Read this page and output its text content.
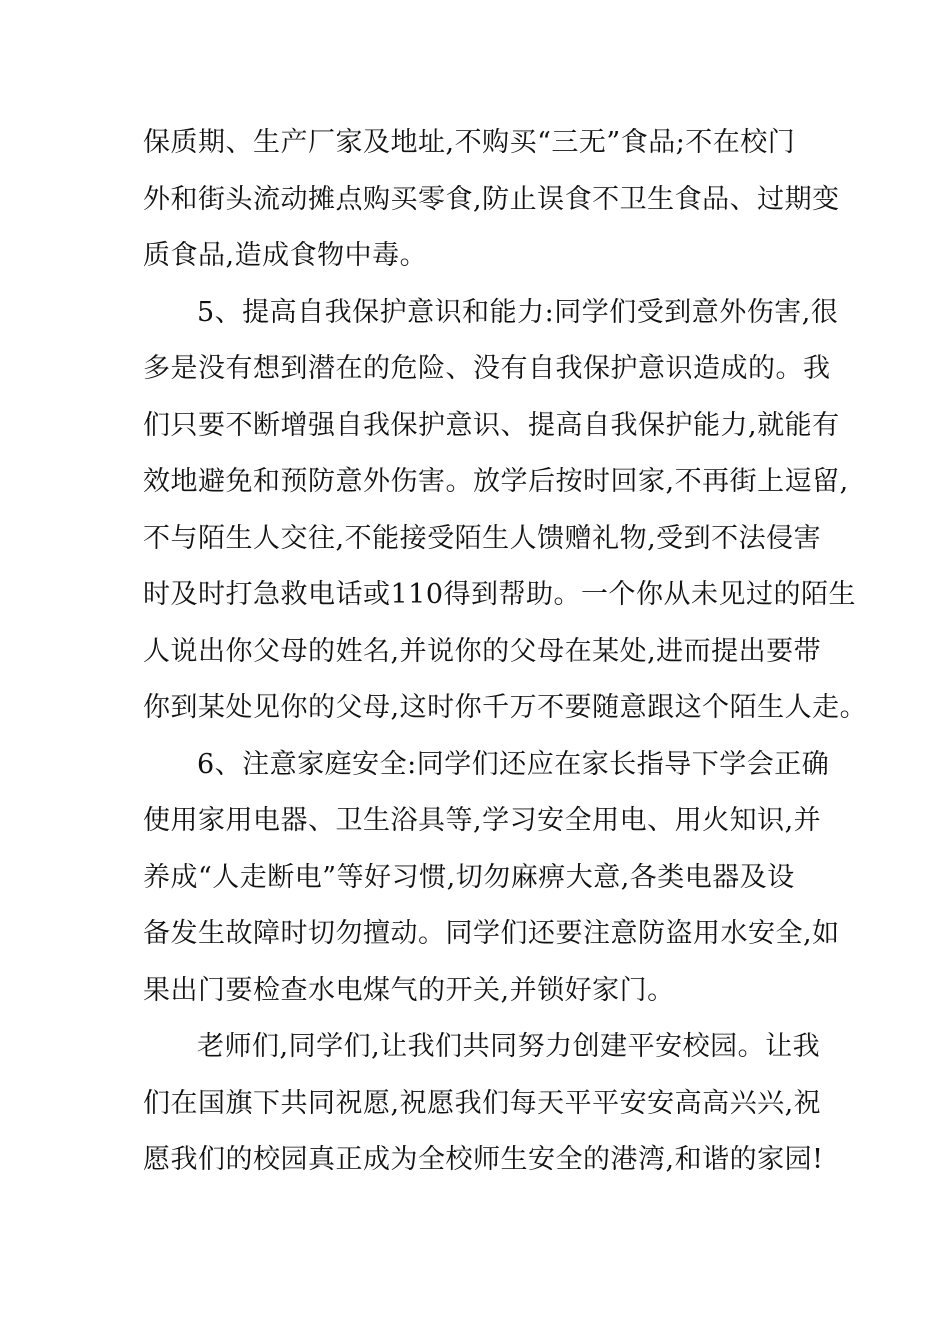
保质期、生产厂家及地址,不购买“三无”食品;不在校门
外和街头流动摊点购买零食,防止误食不卫生食品、过期变
质食品,造成食物中毒。
5、提高自我保护意识和能力:同学们受到意外伤害,很
多是没有想到潜在的危险、没有自我保护意识造成的。我
们只要不断增强自我保护意识、提高自我保护能力,就能有
效地避免和预防意外伤害。放学后按时回家,不再街上逗留,
不与陌生人交往,不能接受陌生人馈赠礼物,受到不法侵害
时及时打急救电话或110得到帮助。一个你从未见过的陌生
人说出你父母的姓名,并说你的父母在某处,进而提出要带
你到某处见你的父母,这时你千万不要随意跟这个陌生人走。
6、注意家庭安全:同学们还应在家长指导下学会正确
使用家用电器、卫生浴具等,学习安全用电、用火知识,并
养成“人走断电”等好习惯,切勿麻痹大意,各类电器及设
备发生故障时切勿擅动。同学们还要注意防盗用水安全,如
果出门要检查水电煤气的开关,并锁好家门。
老师们,同学们,让我们共同努力创建平安校园。让我
们在国旗下共同祝愿,祝愿我们每天平平安安高高兴兴,祝
愿我们的校园真正成为全校师生安全的港湾,和谐的家园!
